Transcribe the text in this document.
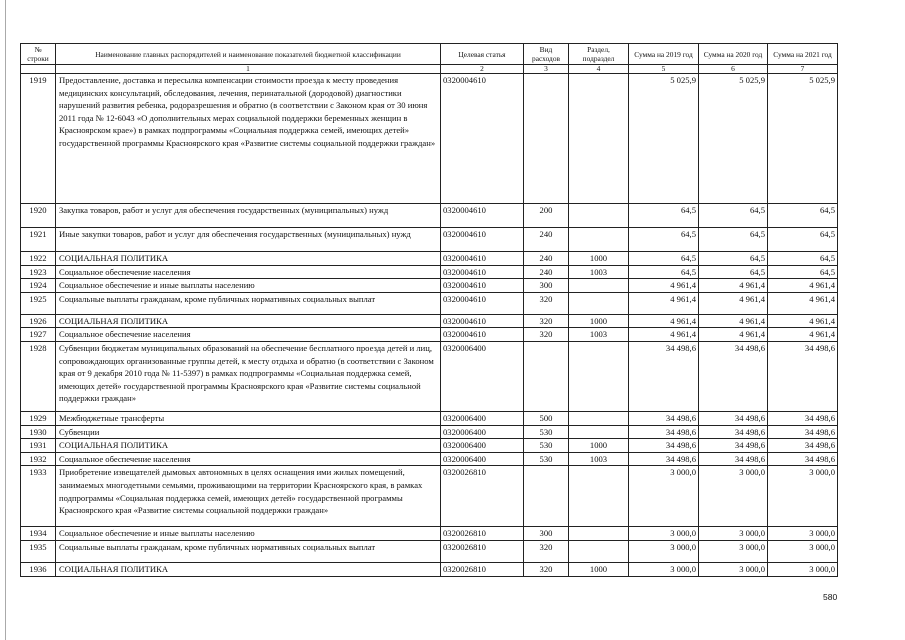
№ строки	Наименование главных распорядителей и наименование показателей бюджетной классификации	Целевая статья	Вид расходов	Раздел, подраздел	Сумма на 2019 год	Сумма на 2020 год	Сумма на 2021 год
	1	2	3	4	5	6	7
1919	Предоставление, доставка и пересылка компенсации стоимости проезда к месту проведения медицинских консультаций, обследования, лечения, перинатальной (дородовой) диагностики нарушений развития ребенка, родоразрешения и обратно (в соответствии с Законом края от 30 июня 2011 года № 12-6043 «О дополнительных мерах социальной поддержки беременных женщин в Красноярском крае») в рамках подпрограммы «Социальная поддержка семей, имеющих детей» государственной программы Красноярского края «Развитие системы социальной поддержки граждан»	0320004610			5 025,9	5 025,9	5 025,9
1920	Закупка товаров, работ и услуг для обеспечения государственных (муниципальных) нужд	0320004610	200		64,5	64,5	64,5
1921	Иные закупки товаров, работ и услуг для обеспечения государственных (муниципальных) нужд	0320004610	240		64,5	64,5	64,5
1922	СОЦИАЛЬНАЯ ПОЛИТИКА	0320004610	240	1000	64,5	64,5	64,5
1923	Социальное обеспечение населения	0320004610	240	1003	64,5	64,5	64,5
1924	Социальное обеспечение и иные выплаты населению	0320004610	300		4 961,4	4 961,4	4 961,4
1925	Социальные выплаты гражданам, кроме публичных нормативных социальных выплат	0320004610	320		4 961,4	4 961,4	4 961,4
1926	СОЦИАЛЬНАЯ ПОЛИТИКА	0320004610	320	1000	4 961,4	4 961,4	4 961,4
1927	Социальное обеспечение населения	0320004610	320	1003	4 961,4	4 961,4	4 961,4
1928	Субвенции бюджетам муниципальных образований на обеспечение бесплатного проезда детей и лиц, сопровождающих организованные группы детей, к месту отдыха и обратно (в соответствии с Законом края от 9 декабря 2010 года № 11-5397) в рамках подпрограммы «Социальная поддержка семей, имеющих детей» государственной программы Красноярского края «Развитие системы социальной поддержки граждан»	0320006400			34 498,6	34 498,6	34 498,6
1929	Межбюджетные трансферты	0320006400	500		34 498,6	34 498,6	34 498,6
1930	Субвенции	0320006400	530		34 498,6	34 498,6	34 498,6
1931	СОЦИАЛЬНАЯ ПОЛИТИКА	0320006400	530	1000	34 498,6	34 498,6	34 498,6
1932	Социальное обеспечение населения	0320006400	530	1003	34 498,6	34 498,6	34 498,6
1933	Приобретение извещателей дымовых автономных в целях оснащения ими жилых помещений, занимаемых многодетными семьями, проживающими на территории Красноярского края, в рамках подпрограммы «Социальная поддержка семей, имеющих детей» государственной программы Красноярского края «Развитие системы социальной поддержки граждан»	0320026810			3 000,0	3 000,0	3 000,0
1934	Социальное обеспечение и иные выплаты населению	0320026810	300		3 000,0	3 000,0	3 000,0
1935	Социальные выплаты гражданам, кроме публичных нормативных социальных выплат	0320026810	320		3 000,0	3 000,0	3 000,0
1936	СОЦИАЛЬНАЯ ПОЛИТИКА	0320026810	320	1000	3 000,0	3 000,0	3 000,0
580
